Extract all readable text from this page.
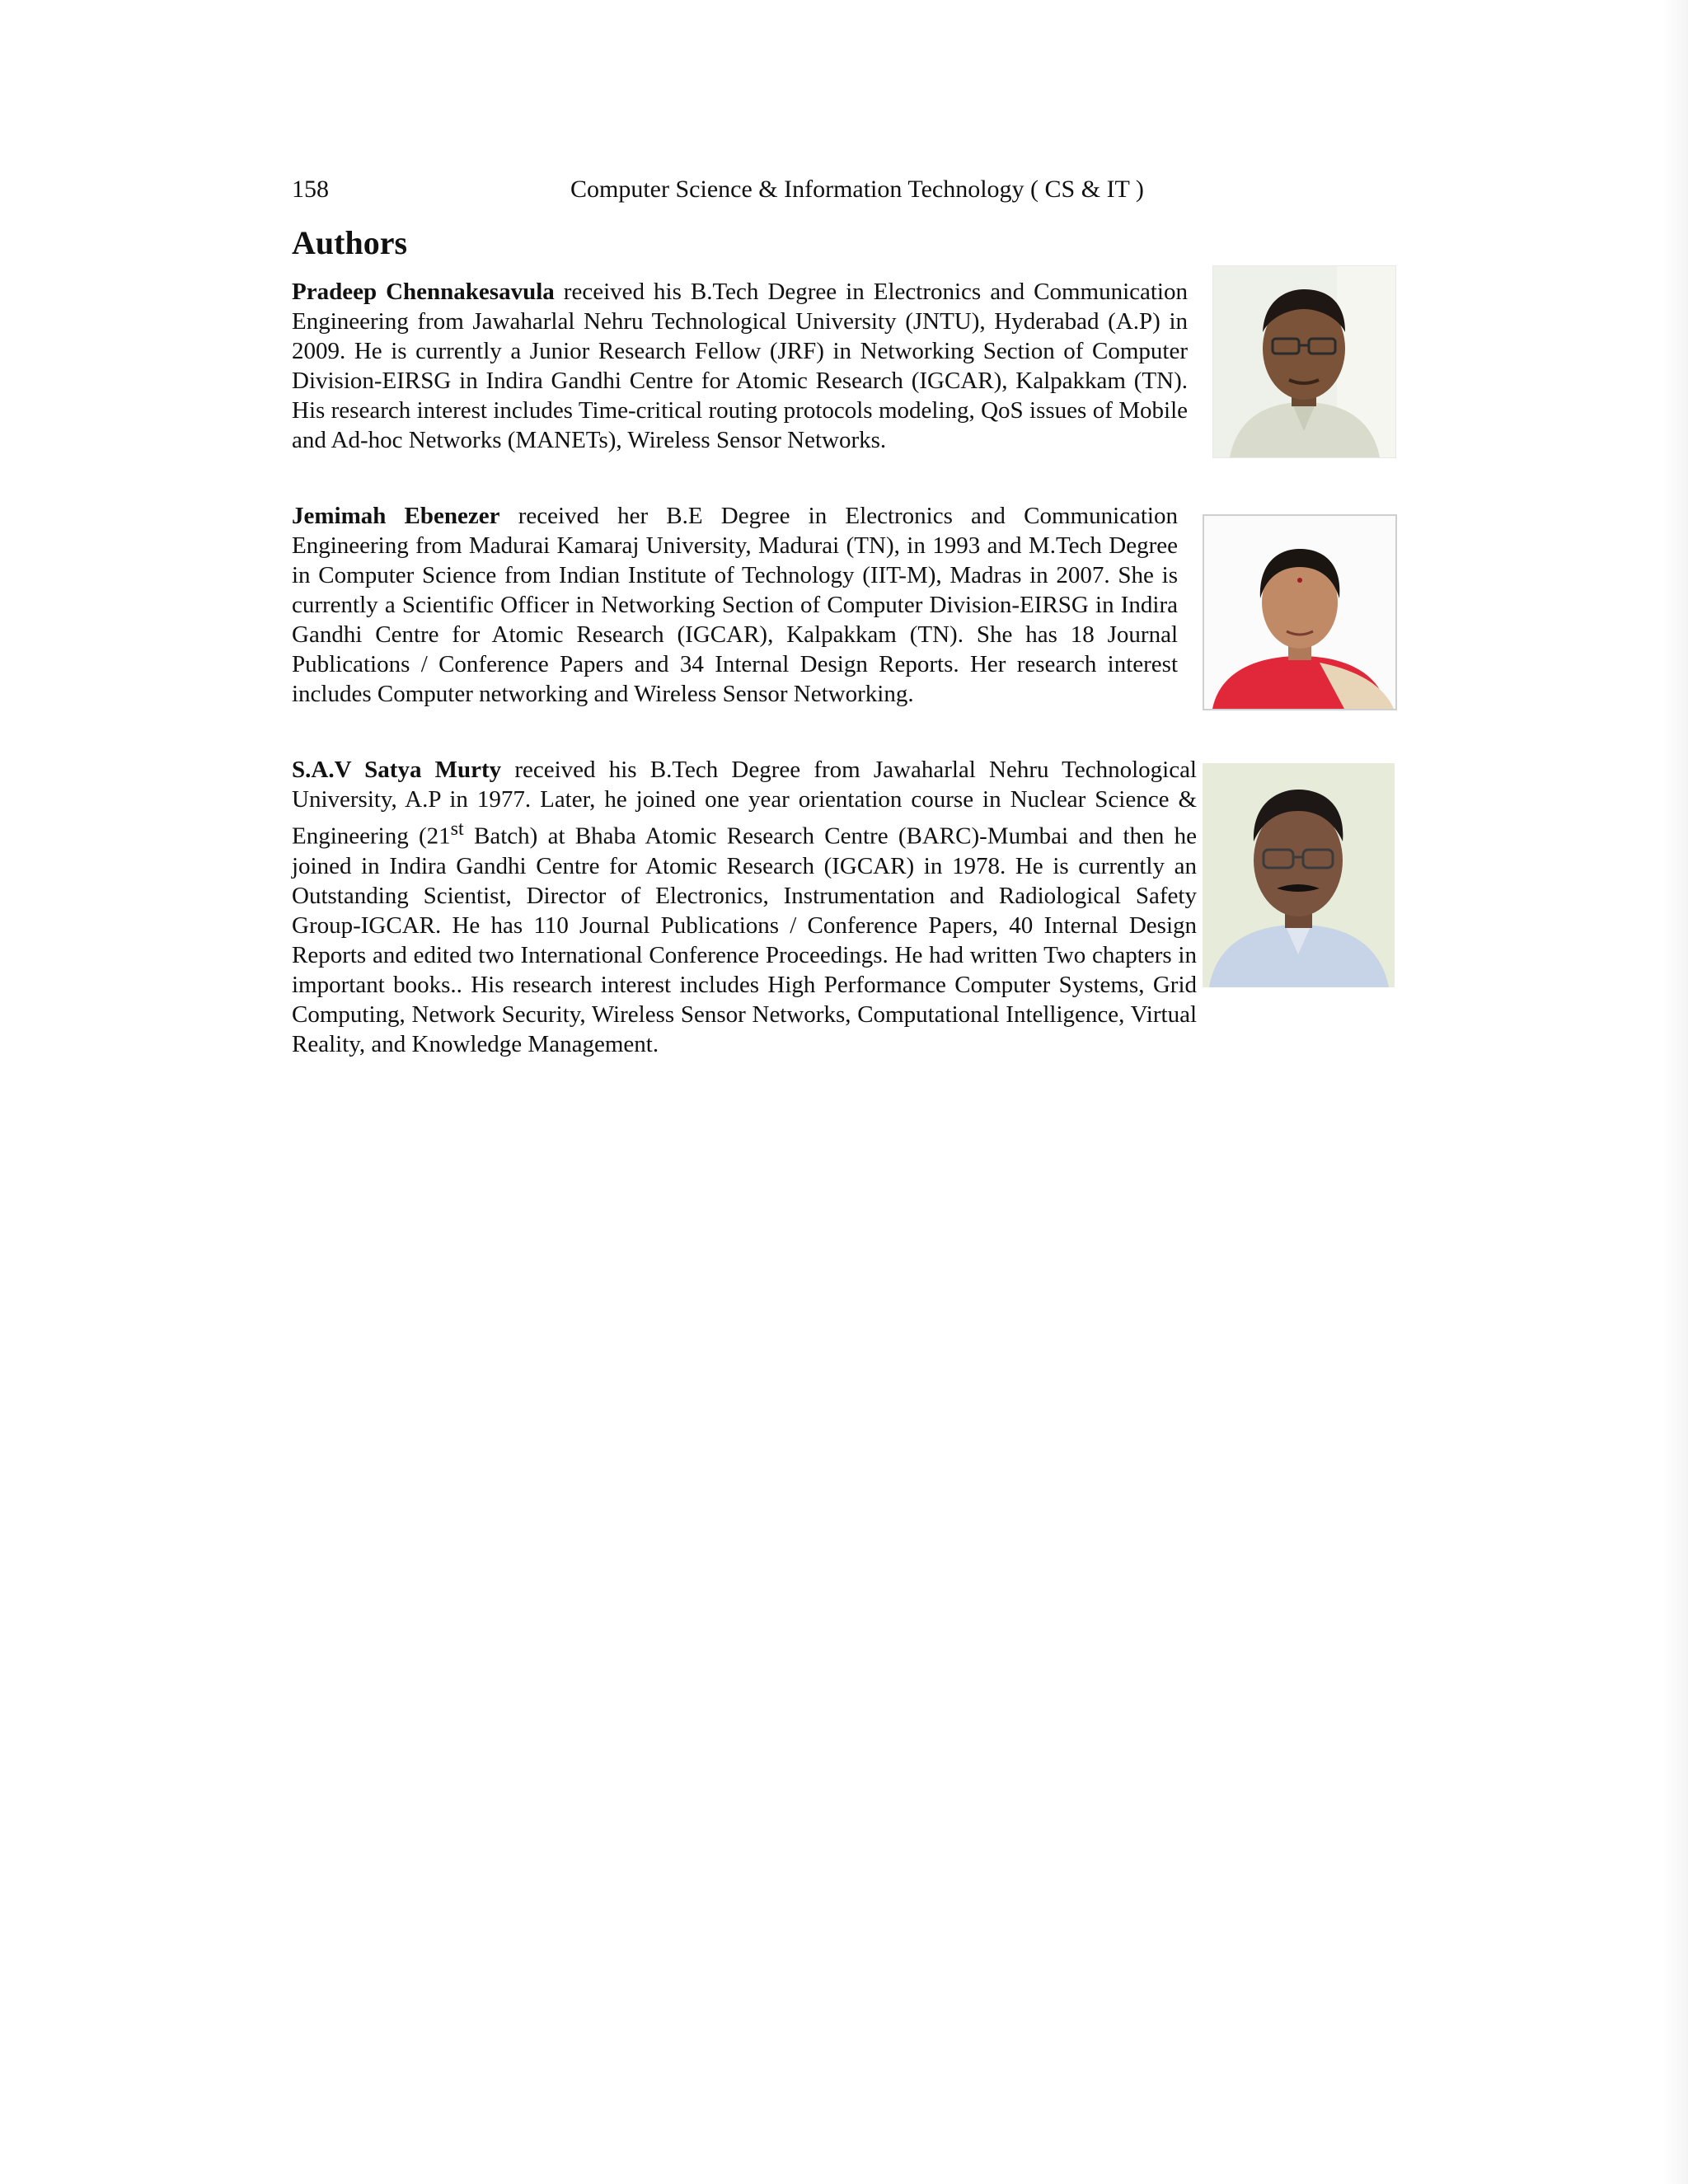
158	Computer Science & Information Technology ( CS & IT )
Authors

Pradeep Chennakesavula received his B.Tech Degree in Electronics and Communication Engineering from Jawaharlal Nehru Technological University (JNTU), Hyderabad (A.P) in 2009. He is currently a Junior Research Fellow (JRF) in Networking Section of Computer Division-EIRSG in Indira Gandhi Centre for Atomic Research (IGCAR), Kalpakkam (TN). His research interest includes Time-critical routing protocols modeling, QoS issues of Mobile and Ad-hoc Networks (MANETs), Wireless Sensor Networks.

Jemimah Ebenezer received her B.E Degree in Electronics and Communication Engineering from Madurai Kamaraj University, Madurai (TN), in 1993 and M.Tech Degree in Computer Science from Indian Institute of Technology (IIT-M), Madras in 2007. She is currently a Scientific Officer in Networking Section of Computer Division-EIRSG in Indira Gandhi Centre for Atomic Research (IGCAR), Kalpakkam (TN). She has 18 Journal Publications / Conference Papers and 34 Internal Design Reports. Her research interest includes Computer networking and Wireless Sensor Networking.

S.A.V Satya Murty received his B.Tech Degree from Jawaharlal Nehru Technological University, A.P in 1977. Later, he joined one year orientation course in Nuclear Science & Engineering (21st Batch) at Bhaba Atomic Research Centre (BARC)-Mumbai and then he joined in Indira Gandhi Centre for Atomic Research (IGCAR) in 1978. He is currently an Outstanding Scientist, Director of Electronics, Instrumentation and Radiological Safety Group-IGCAR. He has 110 Journal Publications / Conference Papers, 40 Internal Design Reports and edited two International Conference Proceedings. He had written Two chapters in important books.. His research interest includes High Performance Computer Systems, Grid Computing, Network Security, Wireless Sensor Networks, Computational Intelligence, Virtual Reality, and Knowledge Management.
